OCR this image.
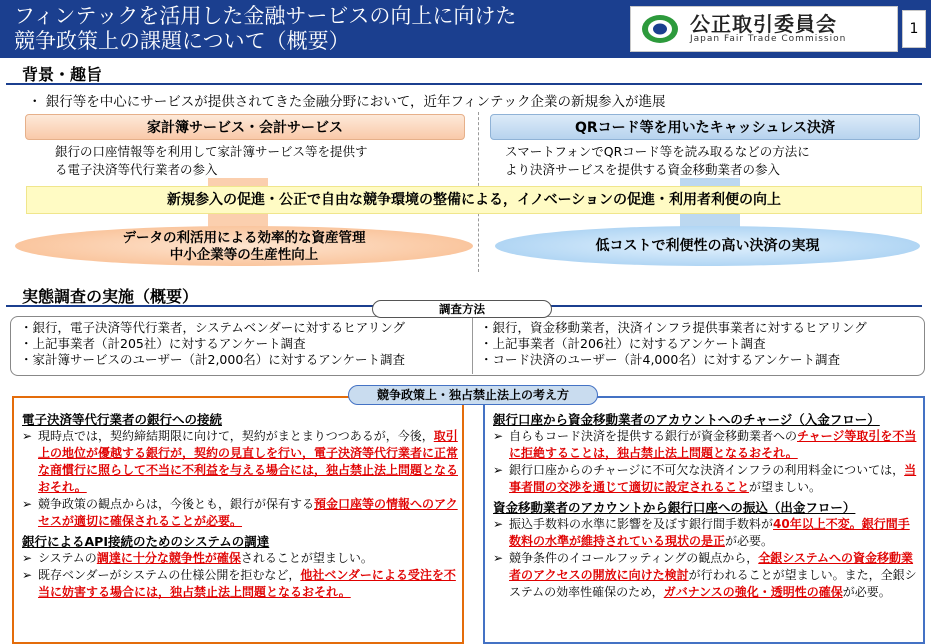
フィンテックを活用した金融サービスの向上に向けた
競争政策上の課題について（概要）
公正取引委員会
Japan Fair Trade Commission
1
背景・趣旨
・ 銀行等を中心にサービスが提供されてきた金融分野において，近年フィンテック企業の新規参入が進展
家計簿サービス・会計サービス	QRコード等を用いたキャッシュレス決済
銀行の口座情報等を利用して家計簿サービス等を提供す
る電子決済等代行業者の参入
スマートフォンでQRコード等を読み取るなどの方法に
より決済サービスを提供する資金移動業者の参入
新規参入の促進・公正で自由な競争環境の整備による，イノベーションの促進・利用者利便の向上
データの利活用による効率的な資産管理
中小企業等の生産性向上
低コストで利便性の高い決済の実現
実態調査の実施（概要）
調査方法
・銀行，電子決済等代行業者，システムベンダーに対するヒアリング
・上記事業者（計205社）に対するアンケート調査
・家計簿サービスのユーザー（計2,000名）に対するアンケート調査
・銀行，資金移動業者，決済インフラ提供事業者に対するヒアリング
・上記事業者（計206社）に対するアンケート調査
・コード決済のユーザー（計4,000名）に対するアンケート調査
競争政策上・独占禁止法上の考え方
電子決済等代行業者の銀行への接続
➢ 現時点では，契約締結期限に向けて，契約がまとまりつつあるが，今後，取引上の地位が優越する銀行が，契約の見直しを行い，電子決済等代行業者に正常な商慣行に照らして不当に不利益を与える場合には，独占禁止法上問題となるおそれ。
➢ 競争政策の観点からは，今後とも，銀行が保有する預金口座等の情報へのアクセスが適切に確保されることが必要。
銀行によるAPI接続のためのシステムの調達
➢ システムの調達に十分な競争性が確保されることが望ましい。
➢ 既存ベンダーがシステムの仕様公開を拒むなど，他社ベンダーによる受注を不当に妨害する場合には，独占禁止法上問題となるおそれ。
銀行口座から資金移動業者のアカウントへのチャージ（入金フロー）
➢ 自らもコード決済を提供する銀行が資金移動業者へのチャージ等取引を不当に拒絶することは，独占禁止法上問題となるおそれ。
➢ 銀行口座からのチャージに不可欠な決済インフラの利用料金については，当事者間の交渉を通じて適切に設定されることが望ましい。
資金移動業者のアカウントから銀行口座への振込（出金フロー）
➢ 振込手数料の水準に影響を及ぼす銀行間手数料が40年以上不変。銀行間手数料の水準が維持されている現状の是正が必要。
➢ 競争条件のイコールフッティングの観点から，全銀システムへの資金移動業者のアクセスの開放に向けた検討が行われることが望ましい。また，全銀システムの効率性確保のため，ガバナンスの強化・透明性の確保が必要。
